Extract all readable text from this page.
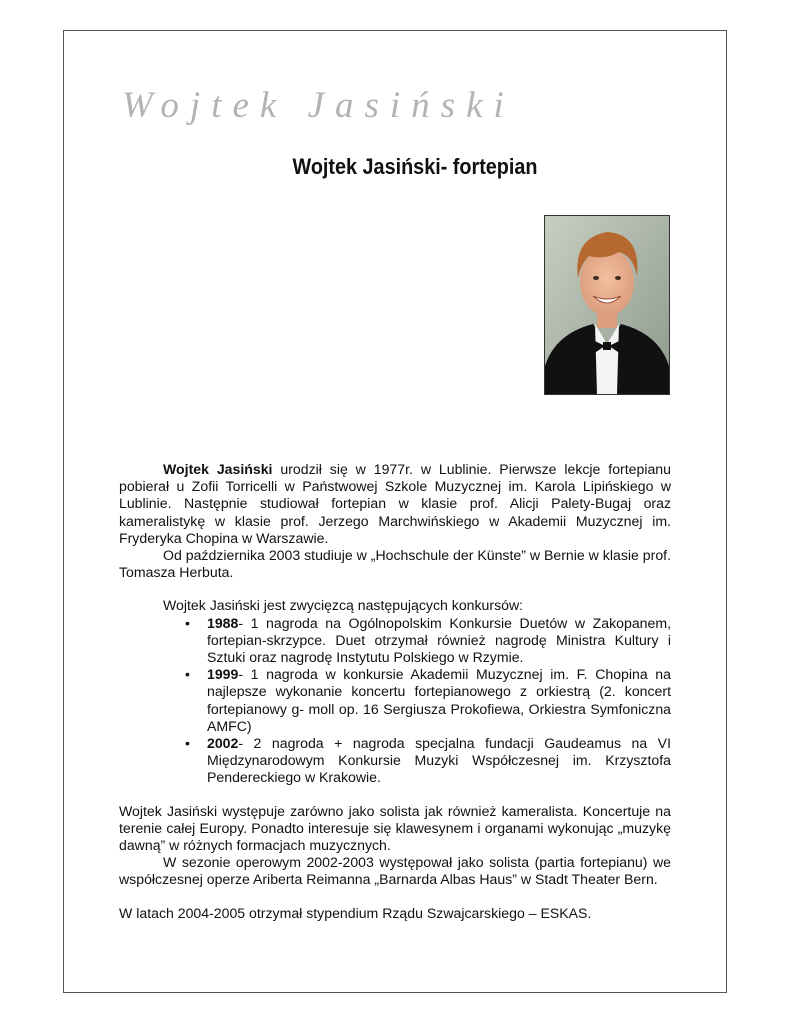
Wojtek Jasiński
Wojtek Jasiński- fortepian

Wojtek Jasiński urodził się w 1977r. w Lublinie. Pierwsze lekcje fortepianu pobierał u Zofii Torricelli w Państwowej Szkole Muzycznej im. Karola Lipińskiego w Lublinie. Następnie studiował fortepian w klasie prof. Alicji Palety-Bugaj oraz kameralistykę w klasie prof. Jerzego Marchwińskiego w Akademii Muzycznej im. Fryderyka Chopina w Warszawie.

Od października 2003 studiuje w „Hochschule der Künste” w Bernie w klasie prof. Tomasza Herbuta.

Wojtek Jasiński jest zwycięzcą następujących konkursów:

• 1988- 1 nagroda na Ogólnopolskim Konkursie Duetów w Zakopanem, fortepian-skrzypce. Duet otrzymał również nagrodę Ministra Kultury i Sztuki oraz nagrodę Instytutu Polskiego w Rzymie.
• 1999- 1 nagroda w konkursie Akademii Muzycznej im. F. Chopina na najlepsze wykonanie koncertu fortepianowego z orkiestrą (2. koncert fortepianowy g- moll op. 16 Sergiusza Prokofiewa, Orkiestra Symfoniczna AMFC)
• 2002- 2 nagroda + nagroda specjalna fundacji Gaudeamus na VI Międzynarodowym Konkursie Muzyki Współczesnej im. Krzysztofa Pendereckiego w Krakowie.

Wojtek Jasiński występuje zarówno jako solista jak również kameralista. Koncertuje na terenie całej Europy. Ponadto interesuje się klawesynem i organami wykonując „muzykę dawną” w różnych formacjach muzycznych.

W sezonie operowym 2002-2003 występował jako solista (partia fortepianu) we współczesnej operze Ariberta Reimanna „Barnarda Albas Haus” w Stadt Theater Bern.

W latach 2004-2005 otrzymał stypendium Rządu Szwajcarskiego – ESKAS.
